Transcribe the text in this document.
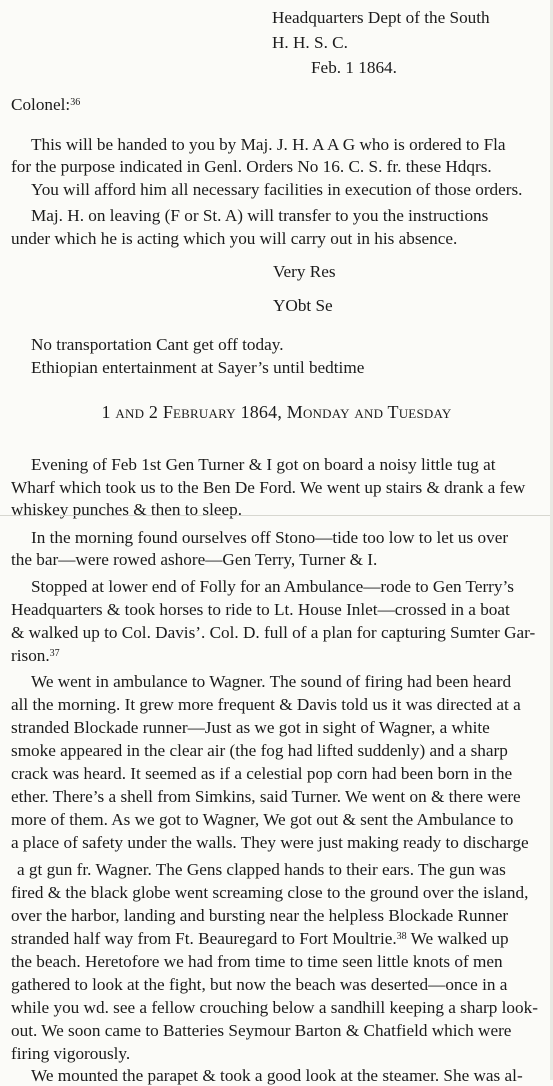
Headquarters Dept of the South
H. H. S. C.
Feb. 1 1864.
Colonel:$^{36}$
This will be handed to you by Maj. J. H. A A G who is ordered to Fla
for the purpose indicated in Genl. Orders No 16. C. S. fr. these Hdqrs.
You will afford him all necessary facilities in execution of those orders.
Maj. H. on leaving (F or St. A) will transfer to you the instructions
under which he is acting which you will carry out in his absence.
Very Res
YObt Se
No transportation Cant get off today.
Ethiopian entertainment at Sayer’s until bedtime
1 and 2 February 1864, Monday and Tuesday
Evening of Feb 1st Gen Turner & I got on board a noisy little tug at
Wharf which took us to the Ben De Ford. We went up stairs & drank a few
whiskey punches & then to sleep.
In the morning found ourselves off Stono—tide too low to let us over
the bar—were rowed ashore—Gen Terry, Turner & I.
Stopped at lower end of Folly for an Ambulance—rode to Gen Terry’s
Headquarters & took horses to ride to Lt. House Inlet—crossed in a boat
& walked up to Col. Davis’. Col. D. full of a plan for capturing Sumter Gar-
rison.$^{37}$
We went in ambulance to Wagner. The sound of firing had been heard
all the morning. It grew more frequent & Davis told us it was directed at a
stranded Blockade runner—Just as we got in sight of Wagner, a white
smoke appeared in the clear air (the fog had lifted suddenly) and a sharp
crack was heard. It seemed as if a celestial pop corn had been born in the
ether. There’s a shell from Simkins, said Turner. We went on & there were
more of them. As we got to Wagner, We got out & sent the Ambulance to
a place of safety under the walls. They were just making ready to discharge
a gt gun fr. Wagner. The Gens clapped hands to their ears. The gun was
fired & the black globe went screaming close to the ground over the island,
over the harbor, landing and bursting near the helpless Blockade Runner
stranded half way from Ft. Beauregard to Fort Moultrie.$^{38}$ We walked up
the beach. Heretofore we had from time to time seen little knots of men
gathered to look at the fight, but now the beach was deserted—once in a
while you wd. see a fellow crouching below a sandhill keeping a sharp look-
out. We soon came to Batteries Seymour Barton & Chatfield which were
firing vigorously.
We mounted the parapet & took a good look at the steamer. She was al-
